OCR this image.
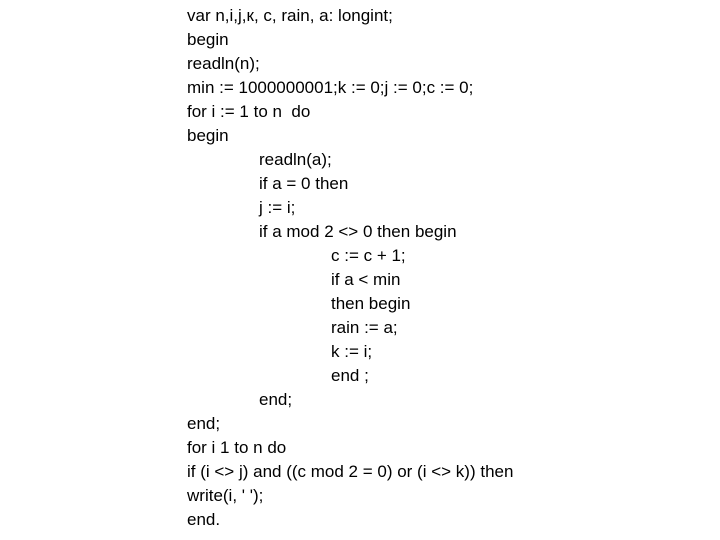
var n,i,j,к, c, rain, a: longint;
begin
readln(n);
min := 1000000001;k := 0;j := 0;c := 0;
for i := 1 to n  do
begin
readln(a);
if a = 0 then
j := i;
if a mod 2 <> 0 then begin
c := c + 1;
if a < min
then begin
rain := a;
k := i;
end ;
end;
end;
for i 1 to n do
if (i <> j) and ((c mod 2 = 0) or (i <> k)) then
write(i, ' ');
end.
